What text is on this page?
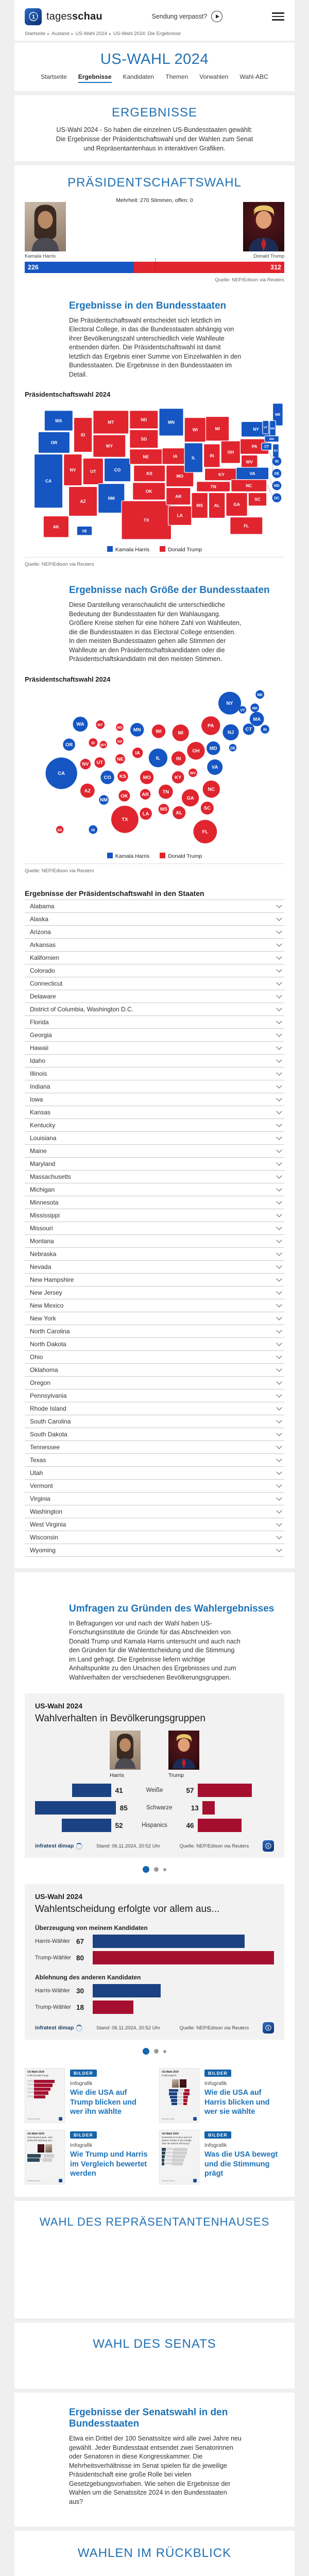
1 tagesschau	Sendung verpasst?
Startseite ▸ Ausland ▸ US-Wahl 2024 ▸ US-Wahl 2024: Die Ergebnisse
US-WAHL 2024
Startseite Ergebnisse Kandidaten Themen Vorwahlen Wahl-ABC
ERGEBNISSE

US-Wahl 2024 - So haben die einzelnen US-Bundesstaaten gewählt: Die Ergebnisse der Präsidentschaftswahl und der Wahlen zum Senat und Repräsentantenhaus in interaktiven Grafiken.

PRÄSIDENTSCHAFTSWAHL

Mehrheit: 270 Stimmen, offen: 0

Kamala Harris	Donald Trump
226	312
Quelle: NEP/Edison via Reuters
Ergebnisse in den Bundesstaaten

Die Präsidentschaftswahl entscheidet sich letztlich im Electoral College, in das die Bundesstaaten abhängig von ihrer Bevölkerungszahl unterschiedlich viele Wahlleute entsenden dürfen. Die Präsidentschaftswahl ist damit letztlich das Ergebnis einer Summe von Einzelwahlen in den Bundesstaaten. Die Ergebnisse in den Bundesstaaten im Detail.

Präsidentschaftswahl 2024
WA
OR
CA
NV
ID
MT
WY
UT	CO
AZ
NM
ND
SD
NE
KS
OK
TX
MN
IA
MO
AR
LA
WI
IL
MS	AL
MI
IN
OH
WV
KY
TN
GA
FL
SC
NC
VA
PA
NY
ME
VT NH
MA
CT
NJ
RI
DE
MD
DC
AK
HI
Kamala Harris	Donald Trump
Quelle: NEP/Edison via Reuters
Ergebnisse nach Größe der Bundesstaaten

Diese Darstellung veranschaulicht die unterschiedliche Bedeutung der Bundesstaaten für den Wahlausgang. Größere Kreise stehen für eine höhere Zahl von Wahlleuten, die die Bundesstaaten in das Electoral College entsenden. In den meisten Bundesstaaten gehen alle Stimmen der Wahlleute an den Präsidentschaftskandidaten oder die Präsidentschaftskandidatin mit den meisten Stimmen.

Präsidentschaftswahl 2024
WA
OR
CA
NV
ID
MT
WY
UT
CO
AZ
NM
ND
SD
NE
KS
OK
TX
MN
IA
MO
AR
LA
WI
IL
MS
AL
MI
IN
OH
WV
KY
TN
GA
FL
SC
NC
VA
PA
NY
ME
VT
NH
MA
CT
NJ	RI
DE
MD
AK	HI
Kamala Harris	Donald Trump
Quelle: NEP/Edison via Reuters
Ergebnisse der Präsidentschaftswahl in den Staaten
Alabama
Alaska
Arizona
Arkansas
Kalifornien
Colorado
Connecticut
Delaware
District of Columbia, Washington D.C.
Florida
Georgia
Hawaii
Idaho
Illinois
Indiana
Iowa
Kansas
Kentucky
Louisiana
Maine
Maryland
Massachusetts
Michigan
Minnesota
Mississippi
Missouri
Montana
Nebraska
Nevada
New Hampshire
New Jersey
New Mexico
New York
North Carolina
North Dakota
Ohio
Oklahoma
Oregon
Pennsylvania
Rhode Island
South Carolina
South Dakota
Tennessee
Texas
Utah
Vermont
Virginia
Washington
West Virginia
Wisconsin
Wyoming
Umfragen zu Gründen des Wahlergebnisses

In Befragungen vor und nach der Wahl haben US-Forschungsinstitute die Gründe für das Abschneiden von Donald Trump und Kamala Harris untersucht und auch nach den Gründen für die Wahlentscheidung und die Stimmung im Land gefragt. Die Ergebnisse liefern wichtige Anhaltspunkte zu den Ursachen des Ergebnisses und zum Wahlverhalten der verschiedenen Bevölkerungsgruppen.

US-Wahl 2024
Wahlverhalten in Bevölkerungsgruppen
Harris	Trump
41	Weiße	57
85	Schwarze	13
52	Hispanics	46
infratest dimap	Stand: 06.11.2024, 20:52 Uhr	Quelle: NEP/Edison via Reuters	1
US-Wahl 2024
Wahlentscheidung erfolgte vor allem aus...
Überzeugung von meinem Kandidaten
Harris-Wähler 67
Trump-Wähler 80
Ablehnung des anderen Kandidaten
Harris-Wähler 30
Trump-Wähler 18
infratest dimap	Stand: 06.11.2024, 20:52 Uhr	Quelle: NEP/Edison via Reuters	1
US-Wahl 2024
Profil Donald Trump
infratest dimap
BILDER
Infografik
Wie die USA auf Trump blicken und wer ihn wählte
US-Wahl 2024
Profilvergleich

infratest dimap
BILDER
Infografik
Wie die USA auf Harris blicken und wer sie wählte
US-Wahl 2024
Überwiegend gute- oder schlechte Meinung von...

infratest dimap
BILDER
Infografik
Wie Trump und Harris im Vergleich bewertet werden
US-Wahl 2024
Entwickelt sich das Land auf diesem Gebiet in die richtige oder die falsche Richtung?
infratest dimap
BILDER
Infografik
Was die USA bewegt und die Stimmung prägt
WAHL DES REPRÄSENTANTENHAUSES
WAHL DES SENATS
Ergebnisse der Senatswahl in den Bundesstaaten

Etwa ein Drittel der 100 Senatssitze wird alle zwei Jahre neu gewählt. Jeder Bundesstaat entsendet zwei Senatorinnen oder Senatoren in diese Kongresskammer. Die Mehrheitsverhältnisse im Senat spielen für die jeweilige Präsidentschaft eine große Rolle bei vielen Gesetzgebungsvorhaben. Wie sehen die Ergebnisse der Wahlen um die Senatssitze 2024 in den Bundesstaaten aus?

WAHLEN IM RÜCKBLICK
